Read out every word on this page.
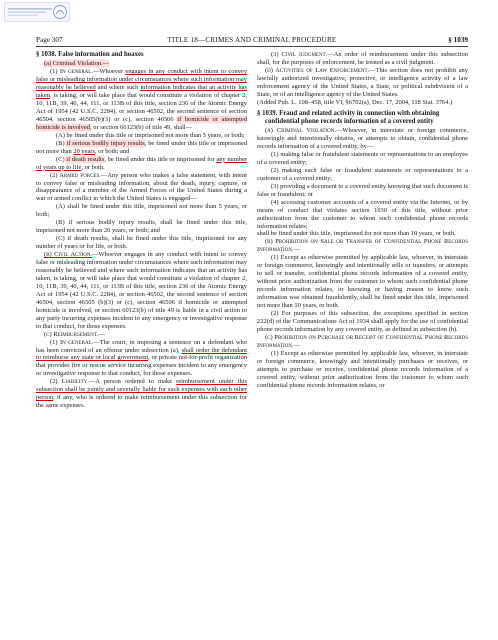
Page 307	TITLE 18—CRIMES AND CRIMINAL PROCEDURE	§ 1039

§ 1038. False information and hoaxes

(a) Criminal Violation.—

(1) In general.—Whoever engages in any conduct with intent to convey false or misleading information under circumstances where such information may reasonably be believed and where such information indicates that an activity has taken, is taking, or will take place that would constitute a violation of chapter 2, 10, 11B, 39, 40, 44, 111, or 113B of this title, section 236 of the Atomic Energy Act of 1954 (42 U.S.C. 2284), or section 46502, the second sentence of section 46504, section 46505(b)(3) or (c), section 46506 if homicide or attempted homicide is involved, or section 60123(b) of title 49, shall—

(A) be fined under this title or imprisoned not more than 5 years, or both;

(B) if serious bodily injury results, be fined under this title or imprisoned not more than 20 years, or both; and

(C) if death results, be fined under this title or imprisoned for any number of years up to life, or both.

(2) Armed forces.—Any person who makes a false statement, with intent to convey false or misleading information, about the death, injury, capture, or disappearance of a member of the Armed Forces of the United States during a war or armed conflict in which the United States is engaged—

(A) shall be fined under this title, imprisoned not more than 5 years, or both;

(B) if serious bodily injury results, shall be fined under this title, imprisoned not more than 20 years, or both; and

(C) if death results, shall be fined under this title, imprisoned for any number of years or for life, or both.

(b) Civil Action.—Whoever engages in any conduct with intent to convey false or misleading information under circumstances where such information may reasonably be believed and where such information indicates that an activity has taken, is taking, or will take place that would constitute a violation of chapter 2, 10, 11B, 39, 40, 44, 111, or 113B of this title, section 236 of the Atomic Energy Act of 1954 (42 U.S.C. 2284), or section 46502, the second sentence of section 46504, section 46505 (b)(3) or (c), section 46506 if homicide or attempted homicide is involved, or section 60123(b) of title 49 is liable in a civil action to any party incurring expenses incident to any emergency or investigative response to that conduct, for those expenses.

(c) Reimbursement.—

(1) In general.—The court, in imposing a sentence on a defendant who has been convicted of an offense under subsection (a), shall order the defendant to reimburse any state or local government, or private not-for-profit organization that provides fire or rescue service incurring expenses incident to any emergency or investigative response to that conduct, for those expenses.

(2) Liability.—A person ordered to make reimbursement under this subsection shall be jointly and severally liable for such expenses with each other person, if any, who is ordered to make reimbursement under this subsection for the same expenses.

(3) Civil judgment.—An order of reimbursement under this subsection shall, for the purposes of enforcement, be treated as a civil judgment.

(d) Activities of Law Enforcement.—This section does not prohibit any lawfully authorized investigative, protective, or intelligence activity of a law enforcement agency of the United States, a State, or political subdivision of a State, or of an intelligence agency of the United States.

(Added Pub. L. 108–458, title VI, §6702(a), Dec. 17, 2004, 118 Stat. 3764.)

§ 1039. Fraud and related activity in connection with obtaining confidential phone records information of a covered entity

(a) Criminal Violation.—Whoever, in interstate or foreign commerce, knowingly and intentionally obtains, or attempts to obtain, confidential phone records information of a covered entity, by—

(1) making false or fraudulent statements or representations to an employee of a covered entity;

(2) making such false or fraudulent statements or representations to a customer of a covered entity;

(3) providing a document to a covered entity knowing that such document is false or fraudulent; or

(4) accessing customer accounts of a covered entity via the Internet, or by means of conduct that violates section 1030 of this title, without prior authorization from the customer to whom such confidential phone records information relates;

shall be fined under this title, imprisoned for not more than 10 years, or both.

(b) Prohibition on Sale or Transfer of Confidential Phone Records Information.—

(1) Except as otherwise permitted by applicable law, whoever, in interstate or foreign commerce, knowingly and intentionally sells or transfers, or attempts to sell or transfer, confidential phone records information of a covered entity, without prior authorization from the customer to whom such confidential phone records information relates, or knowing or having reason to know such information was obtained fraudulently, shall be fined under this title, imprisoned not more than 10 years, or both.

(2) For purposes of this subsection, the exceptions specified in section 222(d) of the Communications Act of 1934 shall apply for the use of confidential phone records information by any covered entity, as defined in subsection (h).

(c) Prohibition on Purchase or Receipt of Confidential Phone Records Information.—

(1) Except as otherwise permitted by applicable law, whoever, in interstate or foreign commerce, knowingly and intentionally purchases or receives, or attempts to purchase or receive, confidential phone records information of a covered entity, without prior authorization from the customer to whom such confidential phone records information relates, or
